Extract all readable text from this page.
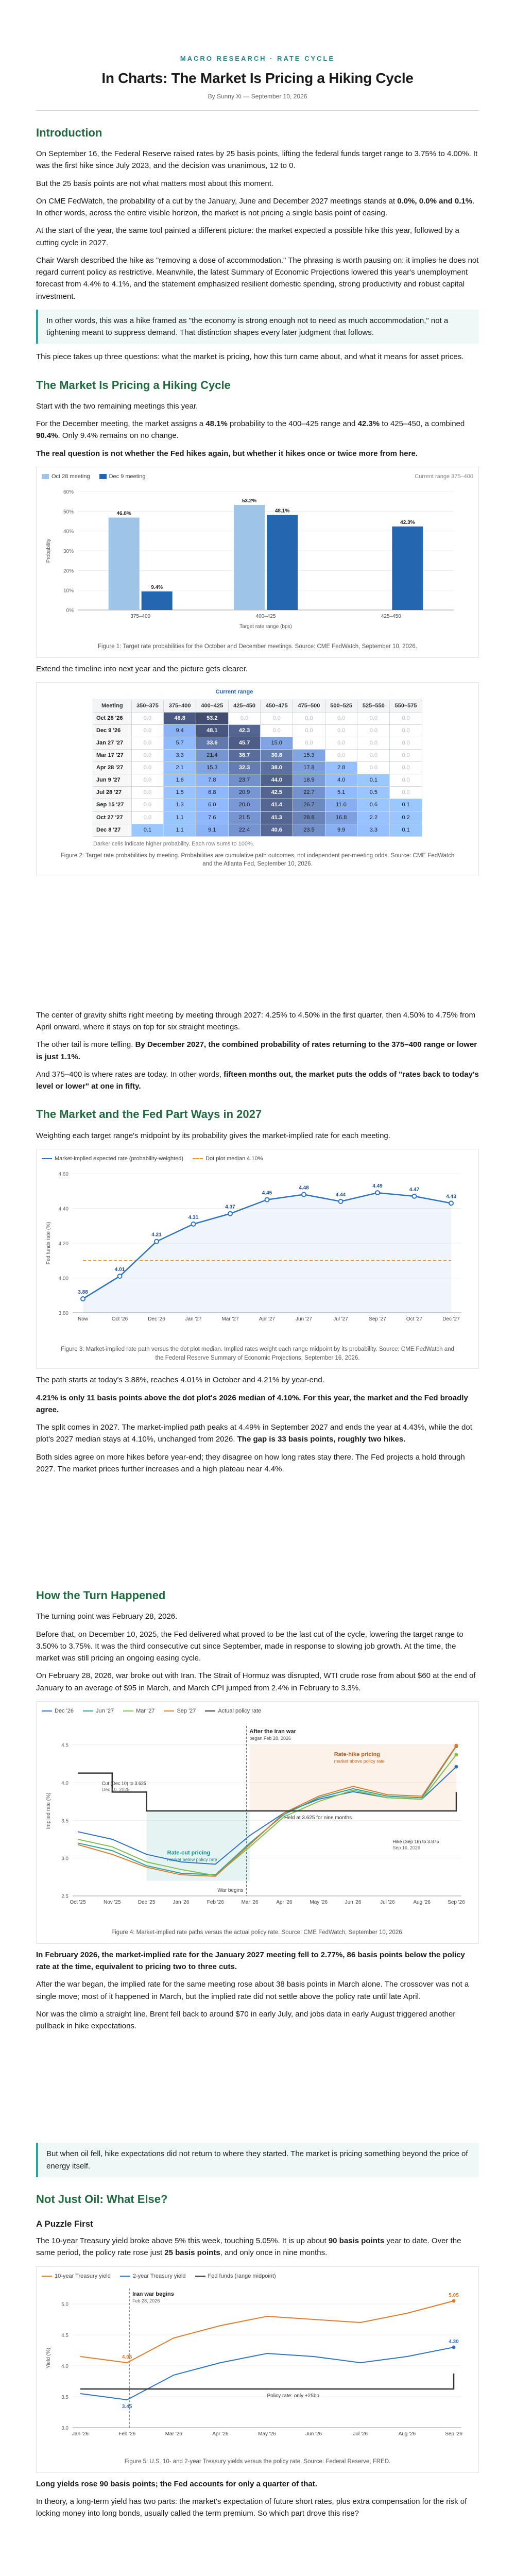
MACRO RESEARCH · RATE CYCLE
In Charts: The Market Is Pricing a Hiking Cycle
By Sunny Xi — September 10, 2026
Introduction

On September 16, the Federal Reserve raised rates by 25 basis points, lifting the federal funds target range to 3.75% to 4.00%. It was the first hike since July 2023, and the decision was unanimous, 12 to 0.

But the 25 basis points are not what matters most about this moment.

On CME FedWatch, the probability of a cut by the January, June and December 2027 meetings stands at 0.0%, 0.0% and 0.1%. In other words, across the entire visible horizon, the market is not pricing a single basis point of easing.

At the start of the year, the same tool painted a different picture: the market expected a possible hike this year, followed by a cutting cycle in 2027.

Chair Warsh described the hike as "removing a dose of accommodation." The phrasing is worth pausing on: it implies he does not regard current policy as restrictive. Meanwhile, the latest Summary of Economic Projections lowered this year's unemployment forecast from 4.4% to 4.1%, and the statement emphasized resilient domestic spending, strong productivity and robust capital investment.

In other words, this was a hike framed as "the economy is strong enough not to need as much accommodation," not a tightening meant to suppress demand. That distinction shapes every later judgment that follows.

This piece takes up three questions: what the market is pricing, how this turn came about, and what it means for asset prices.

The Market Is Pricing a Hiking Cycle

Start with the two remaining meetings this year.

For the December meeting, the market assigns a 48.1% probability to the 400–425 range and 42.3% to 425–450, a combined 90.4%. Only 9.4% remains on no change.

The real question is not whether the Fed hikes again, but whether it hikes once or twice more from here.

Oct 28 meeting	Dec 9 meeting	Current range 375–400
0%
10%
20%
30%
40%
50%
60%
46.8%
9.4%
375–400
53.2%
48.1%
400–425
42.3%
425–450
Target rate range (bps)
Probability
Figure 1: Target rate probabilities for the October and December meetings. Source: CME FedWatch, September 10, 2026.

Extend the timeline into next year and the picture gets clearer.

Current range
Meeting	350–375	375–400	400–425	425–450	450–475	475–500	500–525	525–550	550–575
Oct 28 '26	0.0	46.8	53.2	0.0	0.0	0.0	0.0	0.0	0.0
Dec 9 '26	0.0	9.4	48.1	42.3	0.0	0.0	0.0	0.0	0.0
Jan 27 '27	0.0	5.7	33.6	45.7	15.0	0.0	0.0	0.0	0.0
Mar 17 '27	0.0	3.3	21.4	38.7	30.8	15.3	0.0	0.0	0.0
Apr 28 '27	0.0	2.1	15.3	32.3	38.0	17.8	2.8	0.0	0.0
Jun 9 '27	0.0	1.6	7.8	23.7	44.0	18.9	4.0	0.1	0.0
Jul 28 '27	0.0	1.5	6.8	20.9	42.5	22.7	5.1	0.5	0.0
Sep 15 '27	0.0	1.3	6.0	20.0	41.4	26.7	11.0	0.6	0.1
Oct 27 '27	0.0	1.1	7.6	21.5	41.3	28.8	16.8	2.2	0.2
Dec 8 '27	0.1	1.1	9.1	22.4	40.6	23.5	9.9	3.3	0.1
Darker cells indicate higher probability. Each row sums to 100%.
Figure 2: Target rate probabilities by meeting. Probabilities are cumulative path outcomes, not independent per-meeting odds. Source: CME FedWatch and the Atlanta Fed, September 10, 2026.

The center of gravity shifts right meeting by meeting through 2027: 4.25% to 4.50% in the first quarter, then 4.50% to 4.75% from April onward, where it stays on top for six straight meetings.

The other tail is more telling. By December 2027, the combined probability of rates returning to the 375–400 range or lower is just 1.1%.

And 375–400 is where rates are today. In other words, fifteen months out, the market puts the odds of "rates back to today's level or lower" at one in fifty.

The Market and the Fed Part Ways in 2027

Weighting each target range's midpoint by its probability gives the market-implied rate for each meeting.

Market-implied expected rate (probability-weighted)	Dot plot median 4.10%
3.80
4.00
4.20
4.40
4.60
3.88
4.01
4.21
4.31
4.37
4.45
4.48
4.44
4.49
4.47
4.43
Now	Oct '26	Dec '26	Jan '27	Mar '27	Apr '27	Jun '27	Jul '27	Sep '27	Oct '27	Dec '27
Fed funds rate (%)
Figure 3: Market-implied rate path versus the dot plot median. Implied rates weight each range midpoint by its probability. Source: CME FedWatch and the Federal Reserve Summary of Economic Projections, September 16, 2026.

The path starts at today's 3.88%, reaches 4.01% in October and 4.21% by year-end.

4.21% is only 11 basis points above the dot plot's 2026 median of 4.10%. For this year, the market and the Fed broadly agree.

The split comes in 2027. The market-implied path peaks at 4.49% in September 2027 and ends the year at 4.43%, while the dot plot's 2027 median stays at 4.10%, unchanged from 2026. The gap is 33 basis points, roughly two hikes.

Both sides agree on more hikes before year-end; they disagree on how long rates stay there. The Fed projects a hold through 2027. The market prices further increases and a high plateau near 4.4%.

How the Turn Happened

The turning point was February 28, 2026.

Before that, on December 10, 2025, the Fed delivered what proved to be the last cut of the cycle, lowering the target range to 3.50% to 3.75%. It was the third consecutive cut since September, made in response to slowing job growth. At the time, the market was still pricing an ongoing easing cycle.

On February 28, 2026, war broke out with Iran. The Strait of Hormuz was disrupted, WTI crude rose from about $60 at the end of January to an average of $95 in March, and March CPI jumped from 2.4% in February to 3.3%.

Dec '26	Jun '27	Mar '27	Sep '27	Actual policy rate
2.5
3.0
3.5
4.0
4.5
After the Iran war
began Feb 28, 2026
War begins
Cut (Dec 10) to 3.625
Dec 10, 2025
Rate-cut pricing
market below policy rate
Rate-hike pricing
market above policy rate
Held at 3.625 for nine months
Hike (Sep 16) to 3.875
Sep 16, 2026
Oct '25	Nov '25	Dec '25	Jan '26	Feb '26	Mar '26	Apr '26	May '26	Jun '26	Jul '26	Aug '26	Sep '26
Implied rate (%)
Figure 4: Market-implied rate paths versus the actual policy rate. Source: CME FedWatch, September 10, 2026.

In February 2026, the market-implied rate for the January 2027 meeting fell to 2.77%, 86 basis points below the policy rate at the time, equivalent to pricing two to three cuts.

After the war began, the implied rate for the same meeting rose about 38 basis points in March alone. The crossover was not a single move; most of it happened in March, but the implied rate did not settle above the policy rate until late April.

Nor was the climb a straight line. Brent fell back to around $70 in early July, and jobs data in early August triggered another pullback in hike expectations.

But when oil fell, hike expectations did not return to where they started. The market is pricing something beyond the price of energy itself.
Not Just Oil: What Else?
A Puzzle First

The 10-year Treasury yield broke above 5% this week, touching 5.05%. It is up about 90 basis points year to date. Over the same period, the policy rate rose just 25 basis points, and only once in nine months.

10-year Treasury yield	2-year Treasury yield	Fed funds (range midpoint)
3.0
3.5
4.0
4.5
5.0
Iran war begins
Feb 28, 2026
5.05
4.05
4.30
3.45
Policy rate: only +25bp
Jan '26	Feb '26	Mar '26	Apr '26	May '26	Jun '26	Jul '26	Aug '26	Sep '26
Yield (%)
Figure 5: U.S. 10- and 2-year Treasury yields versus the policy rate. Source: Federal Reserve, FRED.

Long yields rose 90 basis points; the Fed accounts for only a quarter of that.

In theory, a long-term yield has two parts: the market's expectation of future short rates, plus extra compensation for the risk of locking money into long bonds, usually called the term premium. So which part drove this rise?
